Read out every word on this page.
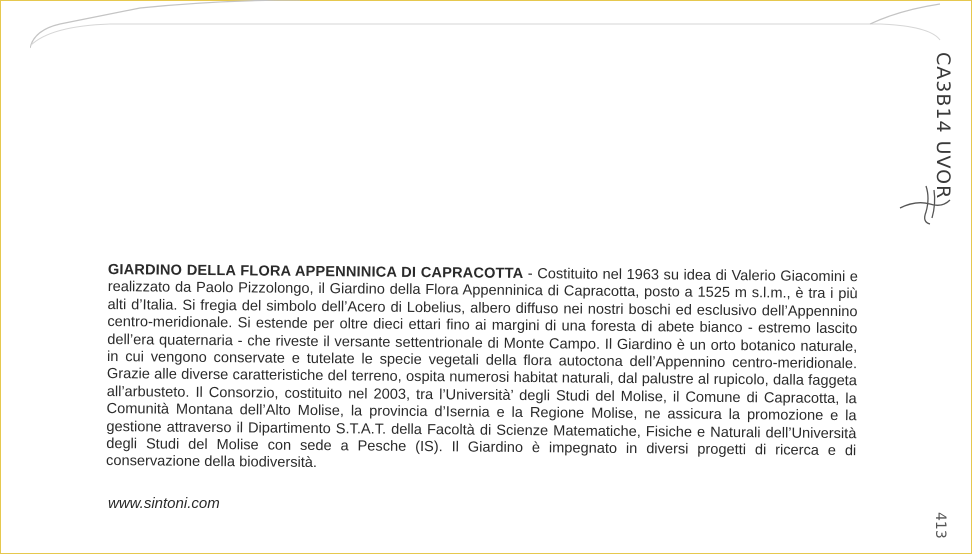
GIARDINO DELLA FLORA APPENNINICA DI CAPRACOTTA - Costituito nel 1963 su idea di Valerio Giacomini e realizzato da Paolo Pizzolongo, il Giardino della Flora Appenninica di Capracotta, posto a 1525 m s.l.m., è tra i più alti d’Italia. Si fregia del simbolo dell’Acero di Lobelius, albero diffuso nei nostri boschi ed esclusivo dell’Appennino centro-meridionale. Si estende per oltre dieci ettari fino ai margini di una foresta di abete bianco - estremo lascito dell’era quaternaria - che riveste il versante settentrionale di Monte Campo. Il Giardino è un orto botanico naturale, in cui vengono conservate e tutelate le specie vegetali della flora autoctona dell’Appennino centro-meridionale. Grazie alle diverse caratteristiche del terreno, ospita numerosi habitat naturali, dal palustre al rupicolo, dalla faggeta all’arbusteto. Il Consorzio, costituito nel 2003, tra l’Università’ degli Studi del Molise, il Comune di Capracotta, la Comunità Montana dell’Alto Molise, la provincia d’Isernia e la Regione Molise, ne assicura la promozione e la gestione attraverso il Dipartimento S.T.A.T. della Facoltà di Scienze Matematiche, Fisiche e Naturali dell’Università degli Studi del Molise con sede a Pesche (IS). Il Giardino è impegnato in diversi progetti di ricerca e di conservazione della biodiversità.
www.sintoni.com
CA3B14 UVOR
413
